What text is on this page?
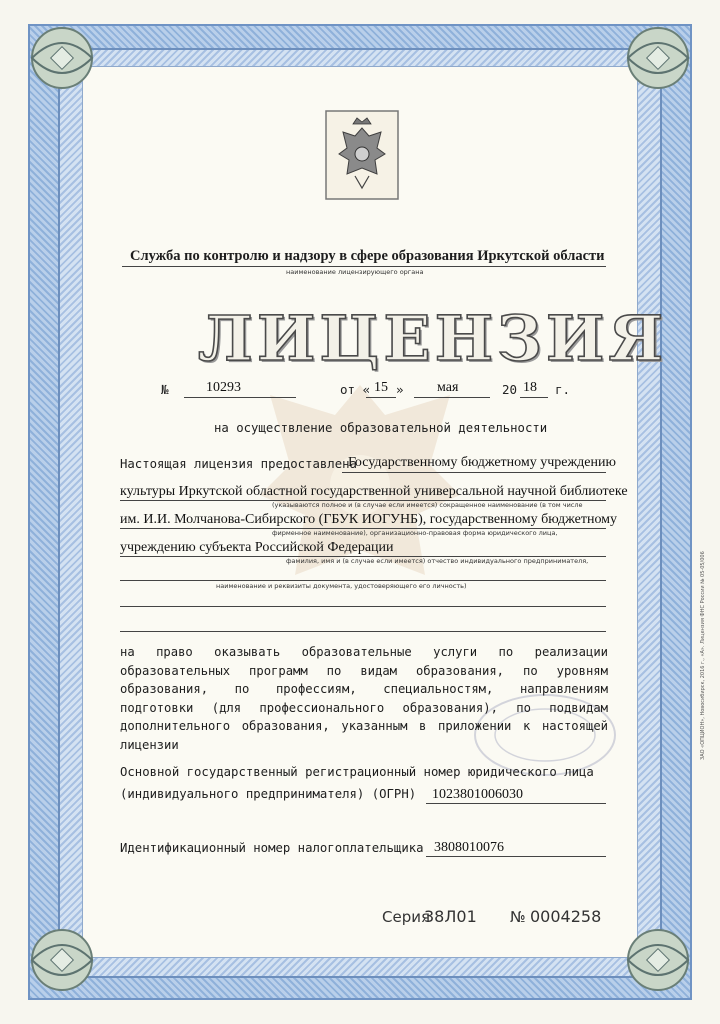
Служба по контролю и надзору в сфере образования Иркутской области
наименование лицензирующего органа
ЛИЦЕНЗИЯ
№	10293	от « 15 » мая	20 18 г.
на осуществление образовательной деятельности
Настоящая лицензия предоставлена
Государственному бюджетному учреждению
культуры Иркутской областной государственной универсальной научной библиотеке
(указываются полное и (в случае если имеется) сокращенное наименование (в том числе
им. И.И. Молчанова-Сибирского (ГБУК ИОГУНБ), государственному бюджетному
фирменное наименование), организационно-правовая форма юридического лица,
учреждению субъекта Российской Федерации
фамилия, имя и (в случае если имеется) отчество индивидуального предпринимателя,
наименование и реквизиты документа, удостоверяющего его личность)
на право оказывать образовательные услуги по реализации образовательных программ по видам образования, по уровням образования, по профессиям, специальностям, направлениям подготовки (для профессионального образования), по подвидам дополнительного образования, указанным в приложении к настоящей лицензии
Основной государственный регистрационный номер юридического лица
(индивидуального предпринимателя) (ОГРН) 1023801006030
Идентификационный номер налогоплательщика 3808010076
Серия
38Л01 № 0004258
ЗАО «ОПЦИОН», Новосибирск, 2016 г., «А». Лицензия ФНС России № 05-05/006
